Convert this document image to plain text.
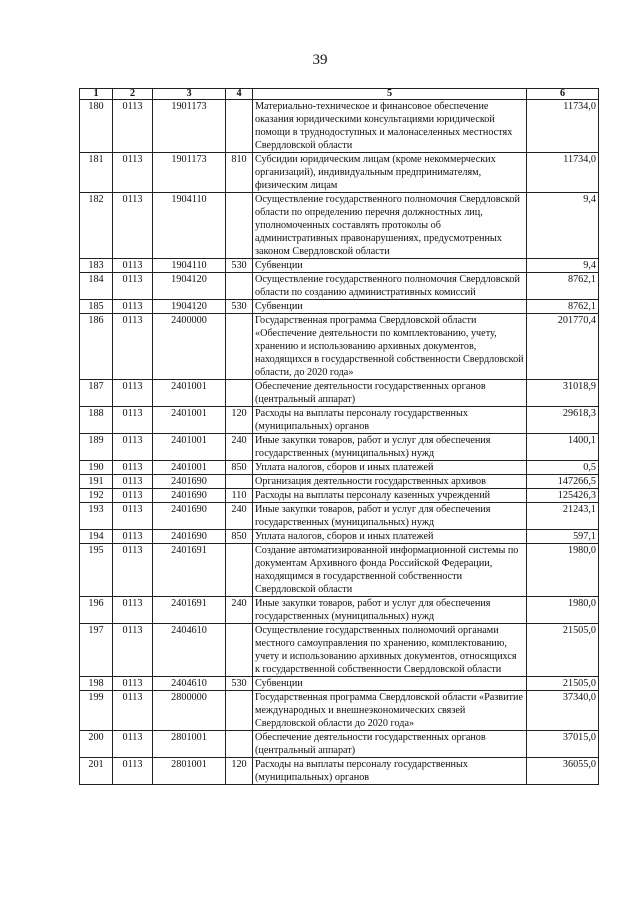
39
1	2	3	4	5	6
180	0113	1901173		Материально-техническое и финансовое обеспечение оказания юридическими консультациями юридической помощи в труднодоступных и малонаселенных местностях Свердловской области	11734,0
181	0113	1901173	810	Субсидии юридическим лицам (кроме некоммерческих организаций), индивидуальным предпринимателям, физическим лицам	11734,0
182	0113	1904110		Осуществление государственного полномочия Свердловской области по определению перечня должностных лиц, уполномоченных составлять протоколы об административных правонарушениях, предусмотренных законом Свердловской области	9,4
183	0113	1904110	530	Субвенции	9,4
184	0113	1904120		Осуществление государственного полномочия Свердловской области по созданию административных комиссий	8762,1
185	0113	1904120	530	Субвенции	8762,1
186	0113	2400000		Государственная программа Свердловской области «Обеспечение деятельности по комплектованию, учету, хранению и использованию архивных документов, находящихся в государственной собственности Свердловской области, до 2020 года»	201770,4
187	0113	2401001		Обеспечение деятельности государственных органов (центральный аппарат)	31018,9
188	0113	2401001	120	Расходы на выплаты персоналу государственных (муниципальных) органов	29618,3
189	0113	2401001	240	Иные закупки товаров, работ и услуг для обеспечения государственных (муниципальных) нужд	1400,1
190	0113	2401001	850	Уплата налогов, сборов и иных платежей	0,5
191	0113	2401690		Организация деятельности государственных архивов	147266,5
192	0113	2401690	110	Расходы на выплаты персоналу казенных учреждений	125426,3
193	0113	2401690	240	Иные закупки товаров, работ и услуг для обеспечения государственных (муниципальных) нужд	21243,1
194	0113	2401690	850	Уплата налогов, сборов и иных платежей	597,1
195	0113	2401691		Создание автоматизированной информационной системы по документам Архивного фонда Российской Федерации, находящимся в государственной собственности Свердловской области	1980,0
196	0113	2401691	240	Иные закупки товаров, работ и услуг для обеспечения государственных (муниципальных) нужд	1980,0
197	0113	2404610		Осуществление государственных полномочий органами местного самоуправления по хранению, комплектованию, учету и использованию архивных документов, относящихся к государственной собственности Свердловской области	21505,0
198	0113	2404610	530	Субвенции	21505,0
199	0113	2800000		Государственная программа Свердловской области «Развитие международных и внешнеэкономических связей Свердловской области до 2020 года»	37340,0
200	0113	2801001		Обеспечение деятельности государственных органов (центральный аппарат)	37015,0
201	0113	2801001	120	Расходы на выплаты персоналу государственных (муниципальных) органов	36055,0
